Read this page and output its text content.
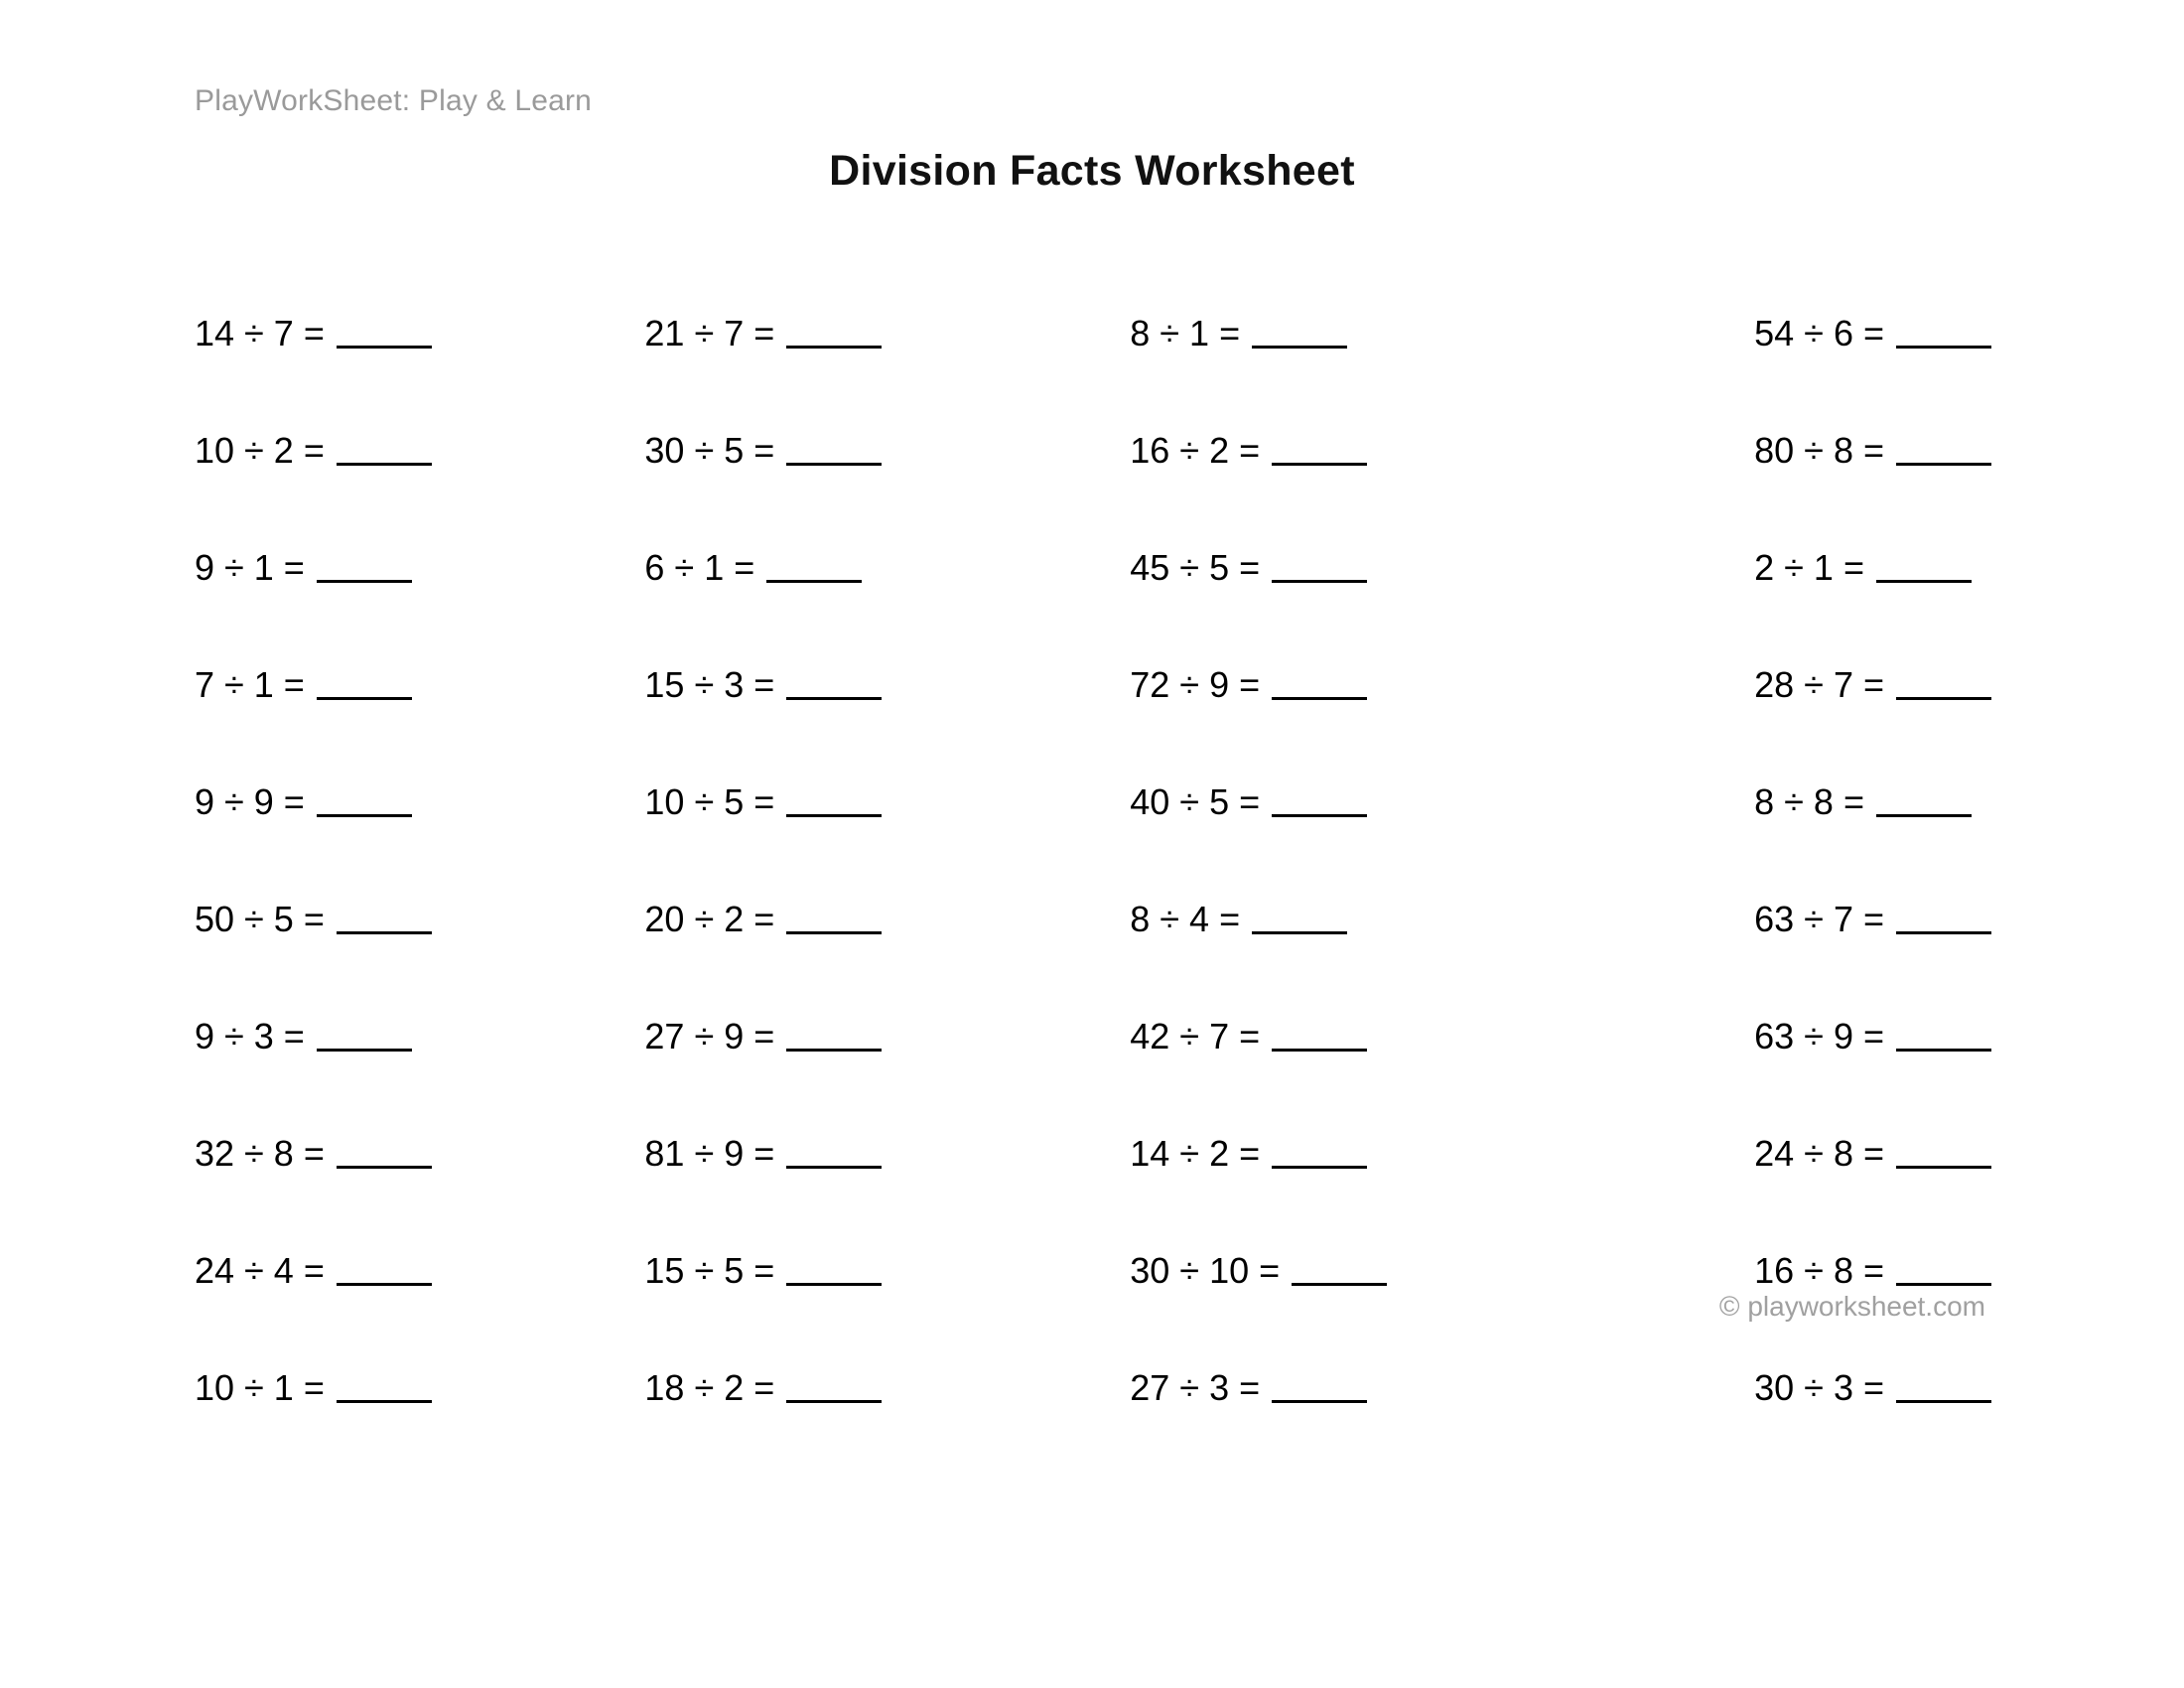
PlayWorkSheet: Play & Learn
Division Facts Worksheet
14 ÷ 7 =	21 ÷ 7 =	8 ÷ 1 =	54 ÷ 6 =
10 ÷ 2 =	30 ÷ 5 =	16 ÷ 2 =	80 ÷ 8 =
9 ÷ 1 =	6 ÷ 1 =	45 ÷ 5 =	2 ÷ 1 =
7 ÷ 1 =	15 ÷ 3 =	72 ÷ 9 =	28 ÷ 7 =
9 ÷ 9 =	10 ÷ 5 =	40 ÷ 5 =	8 ÷ 8 =
50 ÷ 5 =	20 ÷ 2 =	8 ÷ 4 =	63 ÷ 7 =
9 ÷ 3 =	27 ÷ 9 =	42 ÷ 7 =	63 ÷ 9 =
32 ÷ 8 =	81 ÷ 9 =	14 ÷ 2 =	24 ÷ 8 =
24 ÷ 4 =	15 ÷ 5 =	30 ÷ 10 =	16 ÷ 8 =
10 ÷ 1 =	18 ÷ 2 =	27 ÷ 3 =	30 ÷ 3 =
© playworksheet.com
